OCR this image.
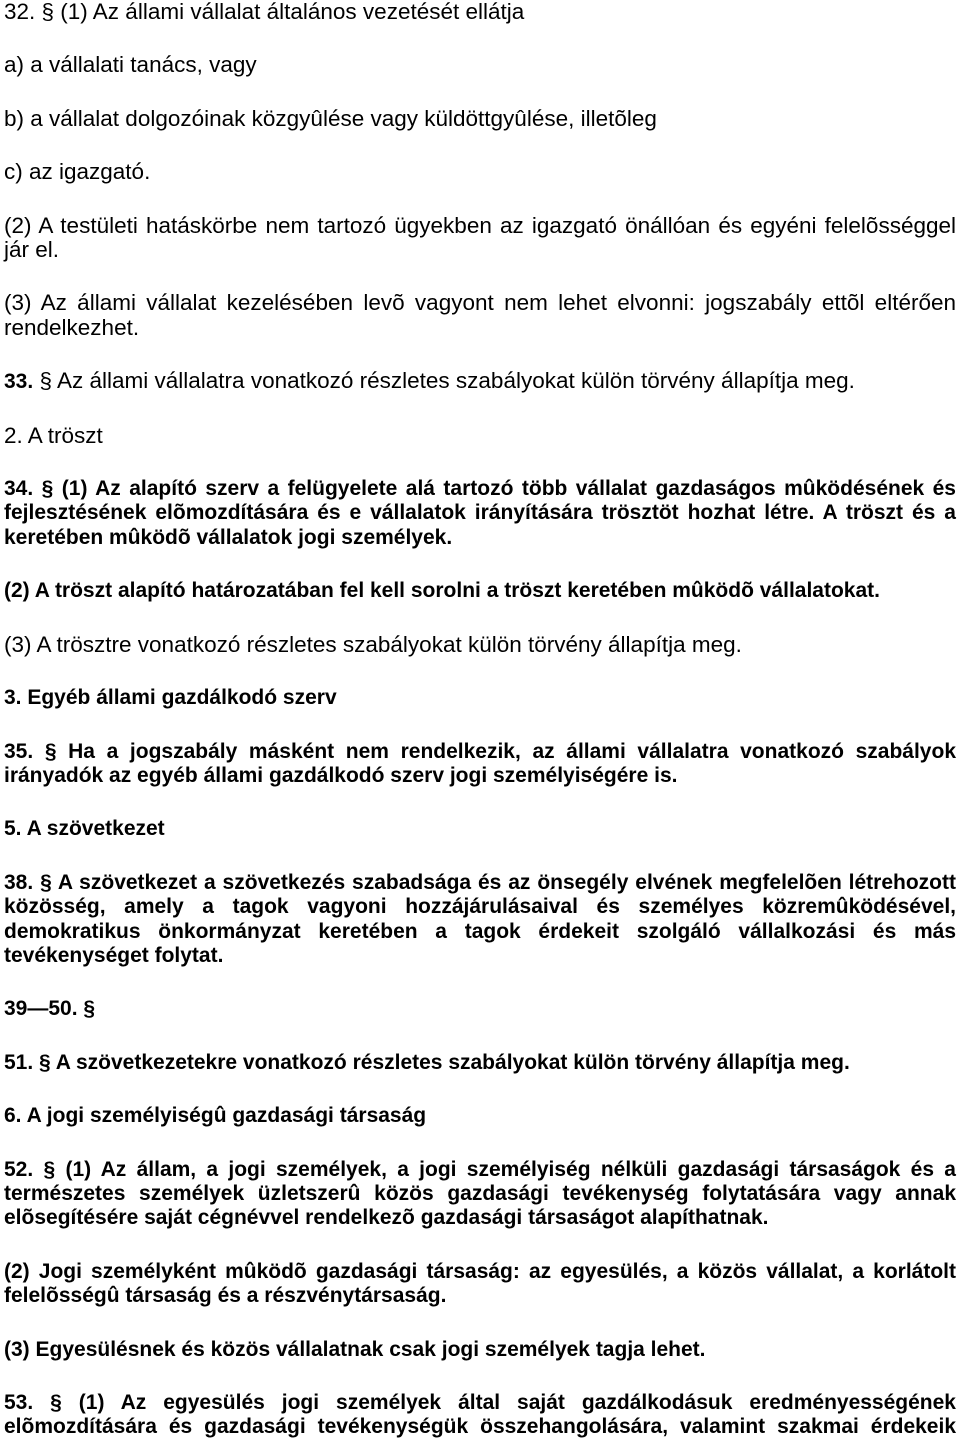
32. § (1) Az állami vállalat általános vezetését ellátja

a) a vállalati tanács, vagy

b) a vállalat dolgozóinak közgyûlése vagy küldöttgyûlése, illetõleg

c) az igazgató.

(2) A testületi hatáskörbe nem tartozó ügyekben az igazgató önállóan és egyéni felelõsséggel jár el.

(3) Az állami vállalat kezelésében levõ vagyont nem lehet elvonni: jogszabály ettõl eltérően rendelkezhet.

33. § Az állami vállalatra vonatkozó részletes szabályokat külön törvény állapítja meg.

2. A tröszt

34. § (1) Az alapító szerv a felügyelete alá tartozó több vállalat gazdaságos mûködésének és fejlesztésének elõmozdítására és e vállalatok irányítására trösztöt hozhat létre. A tröszt és a keretében mûködõ vállalatok jogi személyek.

(2) A tröszt alapító határozatában fel kell sorolni a tröszt keretében mûködõ vállalatokat.

(3) A trösztre vonatkozó részletes szabályokat külön törvény állapítja meg.

3. Egyéb állami gazdálkodó szerv

35. § Ha a jogszabály másként nem rendelkezik, az állami vállalatra vonatkozó szabályok irányadók az egyéb állami gazdálkodó szerv jogi személyiségére is.

5. A szövetkezet

38. § A szövetkezet a szövetkezés szabadsága és az önsegély elvének megfelelõen létrehozott közösség, amely a tagok vagyoni hozzájárulásaival és személyes közremûködésével, demokratikus önkormányzat keretében a tagok érdekeit szolgáló vállalkozási és más tevékenységet folytat.

39—50. §

51. § A szövetkezetekre vonatkozó részletes szabályokat külön törvény állapítja meg.

6. A jogi személyiségû gazdasági társaság

52. § (1) Az állam, a jogi személyek, a jogi személyiség nélküli gazdasági társaságok és a természetes személyek üzletszerû közös gazdasági tevékenység folytatására vagy annak elõsegítésére saját cégnévvel rendelkezõ gazdasági társaságot alapíthatnak.

(2) Jogi személyként mûködõ gazdasági társaság: az egyesülés, a közös vállalat, a korlátolt felelõsségû társaság és a részvénytársaság.

(3) Egyesülésnek és közös vállalatnak csak jogi személyek tagja lehet.

53. § (1) Az egyesülés jogi személyek által saját gazdálkodásuk eredményességének elõmozdítására és gazdasági tevékenységük összehangolására, valamint szakmai érdekeik
